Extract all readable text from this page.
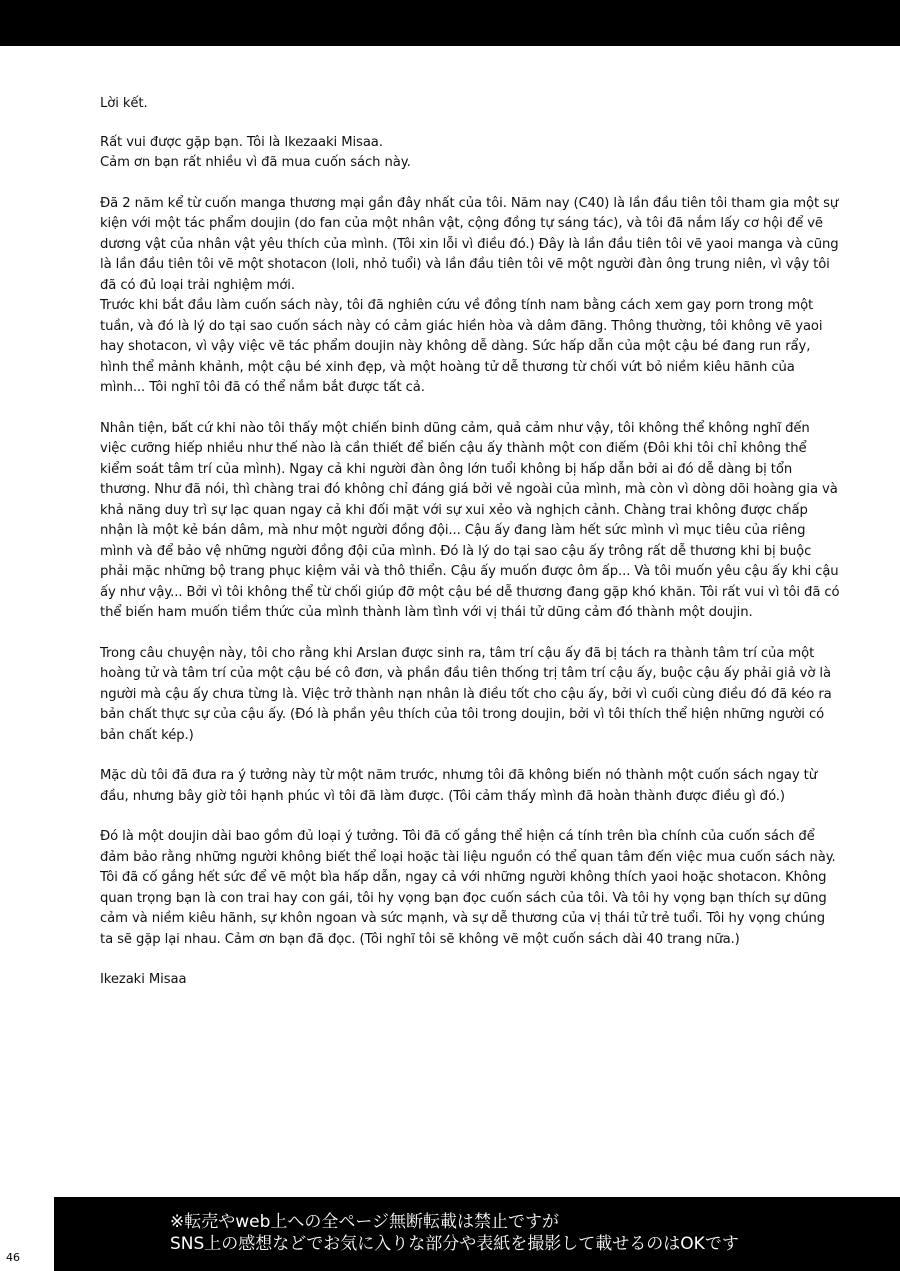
Lời kết.

Rất vui được gặp bạn. Tôi là Ikezaaki Misaa.

Cảm ơn bạn rất nhiều vì đã mua cuốn sách này.

Đã 2 năm kể từ cuốn manga thương mại gần đây nhất của tôi. Năm nay (C40) là lần đầu tiên tôi tham gia một sự kiện với một tác phẩm doujin (do fan của một nhân vật, cộng đồng tự sáng tác), và tôi đã nắm lấy cơ hội để vẽ dương vật của nhân vật yêu thích của mình. (Tôi xin lỗi vì điều đó.) Đây là lần đầu tiên tôi vẽ yaoi manga và cũng là lần đầu tiên tôi vẽ một shotacon (loli, nhỏ tuổi) và lần đầu tiên tôi vẽ một người đàn ông trung niên, vì vậy tôi đã có đủ loại trải nghiệm mới.

Trước khi bắt đầu làm cuốn sách này, tôi đã nghiên cứu về đồng tính nam bằng cách xem gay porn trong một tuần, và đó là lý do tại sao cuốn sách này có cảm giác hiền hòa và dâm đãng. Thông thường, tôi không vẽ yaoi hay shotacon, vì vậy việc vẽ tác phẩm doujin này không dễ dàng. Sức hấp dẫn của một cậu bé đang run rẩy, hình thể mảnh khảnh, một cậu bé xinh đẹp, và một hoàng tử dễ thương từ chối vứt bỏ niềm kiêu hãnh của mình... Tôi nghĩ tôi đã có thể nắm bắt được tất cả.

Nhân tiện, bất cứ khi nào tôi thấy một chiến binh dũng cảm, quả cảm như vậy, tôi không thể không nghĩ đến việc cưỡng hiếp nhiều như thế nào là cần thiết để biến cậu ấy thành một con điếm (Đôi khi tôi chỉ không thể kiểm soát tâm trí của mình). Ngay cả khi người đàn ông lớn tuổi không bị hấp dẫn bởi ai đó dễ dàng bị tổn thương. Như đã nói, thì chàng trai đó không chỉ đáng giá bởi vẻ ngoài của mình, mà còn vì dòng dõi hoàng gia và khả năng duy trì sự lạc quan ngay cả khi đối mặt với sự xui xẻo và nghịch cảnh. Chàng trai không được chấp nhận là một kẻ bán dâm, mà như một người đồng đội... Cậu ấy đang làm hết sức mình vì mục tiêu của riêng mình và để bảo vệ những người đồng đội của mình. Đó là lý do tại sao cậu ấy trông rất dễ thương khi bị buộc phải mặc những bộ trang phục kiệm vải và thô thiển. Cậu ấy muốn được ôm ấp... Và tôi muốn yêu cậu ấy khi cậu ấy như vậy... Bởi vì tôi không thể từ chối giúp đỡ một cậu bé dễ thương đang gặp khó khăn. Tôi rất vui vì tôi đã có thể biến ham muốn tiềm thức của mình thành làm tình với vị thái tử dũng cảm đó thành một doujin.

Trong câu chuyện này, tôi cho rằng khi Arslan được sinh ra, tâm trí cậu ấy đã bị tách ra thành tâm trí của một hoàng tử và tâm trí của một cậu bé cô đơn, và phần đầu tiên thống trị tâm trí cậu ấy, buộc cậu ấy phải giả vờ là người mà cậu ấy chưa từng là. Việc trở thành nạn nhân là điều tốt cho cậu ấy, bởi vì cuối cùng điều đó đã kéo ra bản chất thực sự của cậu ấy. (Đó là phần yêu thích của tôi trong doujin, bởi vì tôi thích thể hiện những người có bản chất kép.)

Mặc dù tôi đã đưa ra ý tưởng này từ một năm trước, nhưng tôi đã không biến nó thành một cuốn sách ngay từ đầu, nhưng bây giờ tôi hạnh phúc vì tôi đã làm được. (Tôi cảm thấy mình đã hoàn thành được điều gì đó.)

Đó là một doujin dài bao gồm đủ loại ý tưởng. Tôi đã cố gắng thể hiện cá tính trên bìa chính của cuốn sách để đảm bảo rằng những người không biết thể loại hoặc tài liệu nguồn có thể quan tâm đến việc mua cuốn sách này. Tôi đã cố gắng hết sức để vẽ một bìa hấp dẫn, ngay cả với những người không thích yaoi hoặc shotacon. Không quan trọng bạn là con trai hay con gái, tôi hy vọng bạn đọc cuốn sách của tôi. Và tôi hy vọng bạn thích sự dũng cảm và niềm kiêu hãnh, sự khôn ngoan và sức mạnh, và sự dễ thương của vị thái tử trẻ tuổi. Tôi hy vọng chúng ta sẽ gặp lại nhau. Cảm ơn bạn đã đọc. (Tôi nghĩ tôi sẽ không vẽ một cuốn sách dài 40 trang nữa.)

Ikezaki Misaa

※転売やweb上への全ページ無断転載は禁止ですが
SNS上の感想などでお気に入りな部分や表紙を撮影して載せるのはOKです
46
